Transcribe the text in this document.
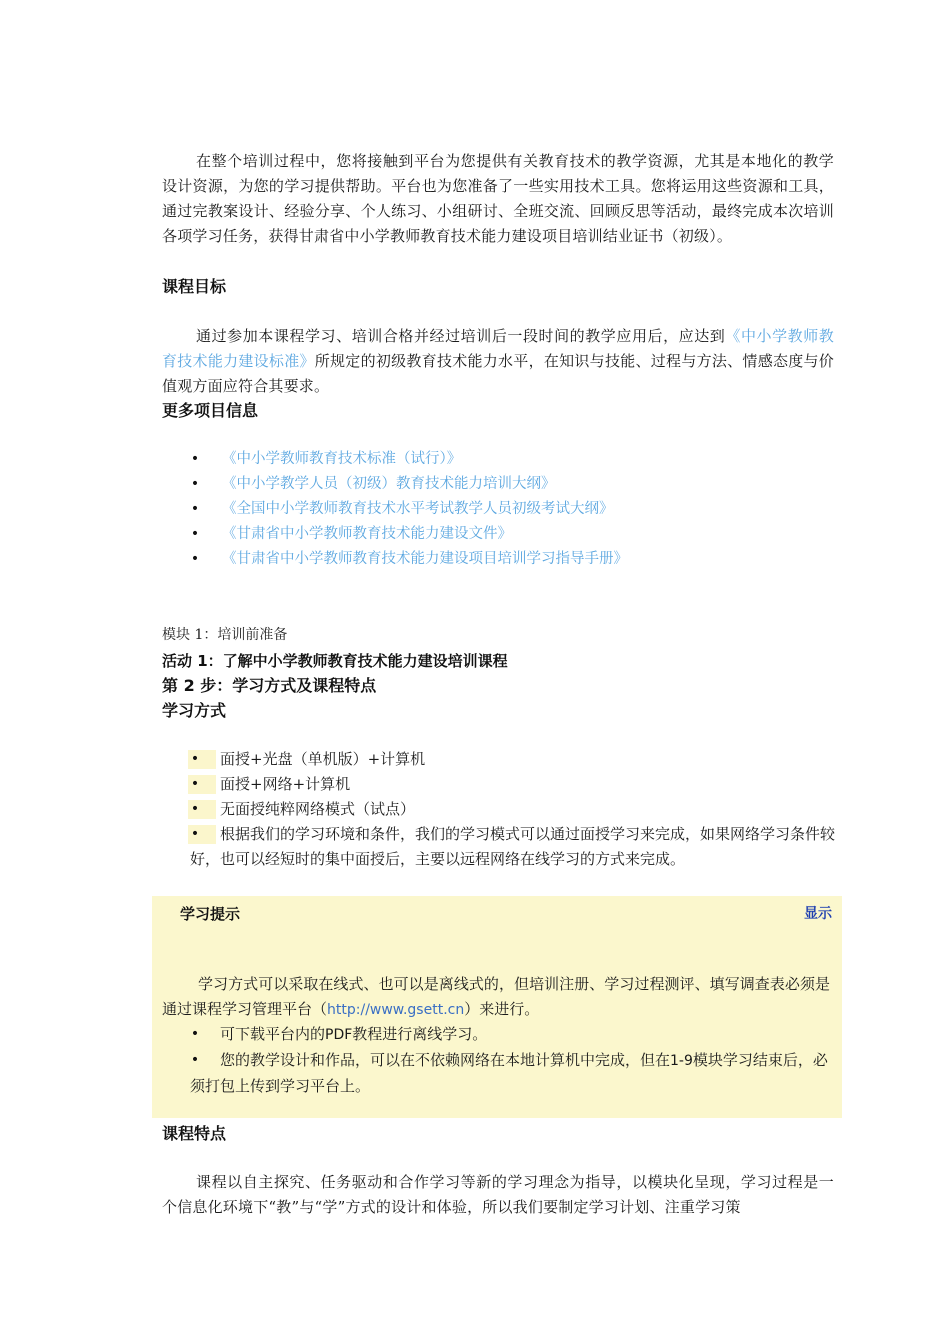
在整个培训过程中，您将接触到平台为您提供有关教育技术的教学资源，尤其是本地化的教学设计资源，为您的学习提供帮助。平台也为您准备了一些实用技术工具。您将运用这些资源和工具，通过完教案设计、经验分享、个人练习、小组研讨、全班交流、回顾反思等活动，最终完成本次培训各项学习任务，获得甘肃省中小学教师教育技术能力建设项目培训结业证书（初级）。

课程目标

通过参加本课程学习、培训合格并经过培训后一段时间的教学应用后，应达到《中小学教师教育技术能力建设标准》所规定的初级教育技术能力水平，在知识与技能、过程与方法、情感态度与价值观方面应符合其要求。

更多项目信息
• 《中小学教师教育技术标准（试行）》
• 《中小学教学人员（初级）教育技术能力培训大纲》
• 《全国中小学教师教育技术水平考试教学人员初级考试大纲》
• 《甘肃省中小学教师教育技术能力建设文件》
• 《甘肃省中小学教师教育技术能力建设项目培训学习指导手册》

模块 1：培训前准备

活动 1：了解中小学教师教育技术能力建设培训课程
第 2 步：学习方式及课程特点
学习方式
• 面授+光盘（单机版）+计算机
• 面授+网络+计算机
• 无面授纯粹网络模式（试点）
• 根据我们的学习环境和条件，我们的学习模式可以通过面授学习来完成，如果网络学习条件较好，也可以经短时的集中面授后，主要以远程网络在线学习的方式来完成。
学习提示	显示

学习方式可以采取在线式、也可以是离线式的，但培训注册、学习过程测评、填写调查表必须是通过课程学习管理平台（http://www.gsett.cn）来进行。

• 可下载平台内的PDF教程进行离线学习。
• 您的教学设计和作品，可以在不依赖网络在本地计算机中完成，但在1-9模块学习结束后，必须打包上传到学习平台上。
课程特点

课程以自主探究、任务驱动和合作学习等新的学习理念为指导，以模块化呈现，学习过程是一个信息化环境下“教”与“学”方式的设计和体验，所以我们要制定学习计划、注重学习策
